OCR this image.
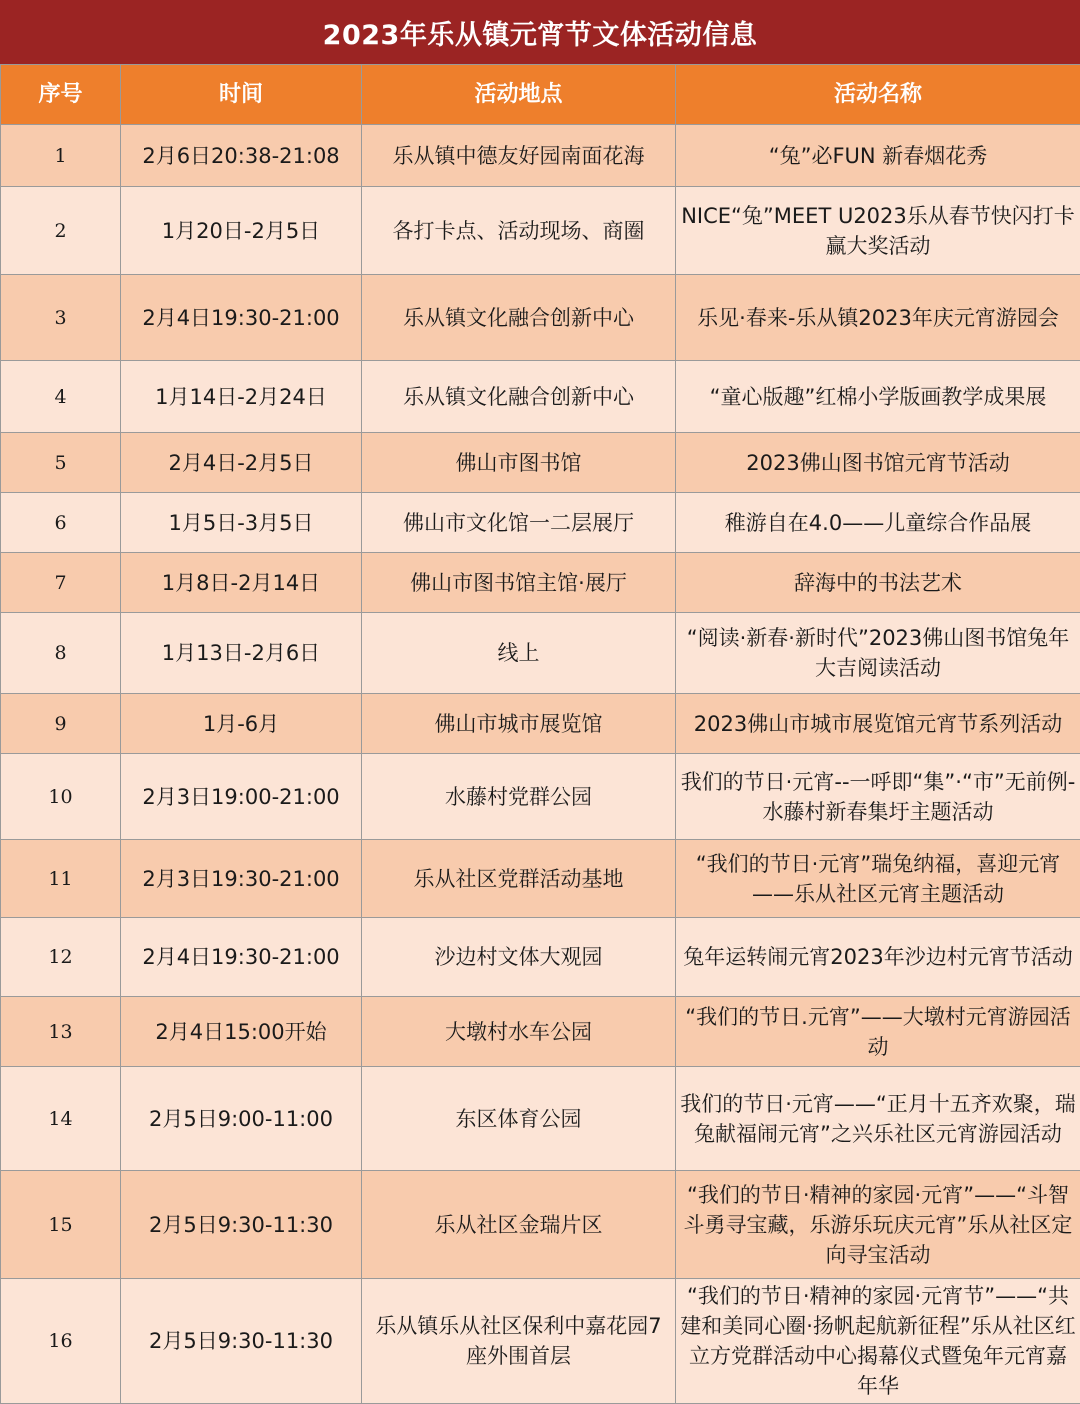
2023年乐从镇元宵节文体活动信息
序号	时间	活动地点	活动名称
1	2月6日20:38-21:08	乐从镇中德友好园南面花海	“兔”必FUN 新春烟花秀
2	1月20日-2月5日	各打卡点、活动现场、商圈	NICE“兔”MEET U2023乐从春节快闪打卡赢大奖活动
3	2月4日19:30-21:00	乐从镇文化融合创新中心	乐见·春来-乐从镇2023年庆元宵游园会
4	1月14日-2月24日	乐从镇文化融合创新中心	“童心版趣”红棉小学版画教学成果展
5	2月4日-2月5日	佛山市图书馆	2023佛山图书馆元宵节活动
6	1月5日-3月5日	佛山市文化馆一二层展厅	稚游自在4.0——儿童综合作品展
7	1月8日-2月14日	佛山市图书馆主馆·展厅	辞海中的书法艺术
8	1月13日-2月6日	线上	“阅读·新春·新时代”2023佛山图书馆兔年大吉阅读活动
9	1月-6月	佛山市城市展览馆	2023佛山市城市展览馆元宵节系列活动
10	2月3日19:00-21:00	水藤村党群公园	我们的节日·元宵--一呼即“集”·“市”无前例-水藤村新春集圩主题活动
11	2月3日19:30-21:00	乐从社区党群活动基地	“我们的节日·元宵”瑞兔纳福，喜迎元宵——乐从社区元宵主题活动
12	2月4日19:30-21:00	沙边村文体大观园	兔年运转闹元宵2023年沙边村元宵节活动
13	2月4日15:00开始	大墩村水车公园	“我们的节日.元宵”——大墩村元宵游园活动
14	2月5日9:00-11:00	东区体育公园	我们的节日·元宵——“正月十五齐欢聚，瑞兔献福闹元宵”之兴乐社区元宵游园活动
15	2月5日9:30-11:30	乐从社区金瑞片区	“我们的节日·精神的家园·元宵”——“斗智斗勇寻宝藏，乐游乐玩庆元宵”乐从社区定向寻宝活动
16	2月5日9:30-11:30	乐从镇乐从社区保利中嘉花园7座外围首层	“我们的节日·精神的家园·元宵节”——“共建和美同心圈·扬帆起航新征程”乐从社区红立方党群活动中心揭幕仪式暨兔年元宵嘉年华
